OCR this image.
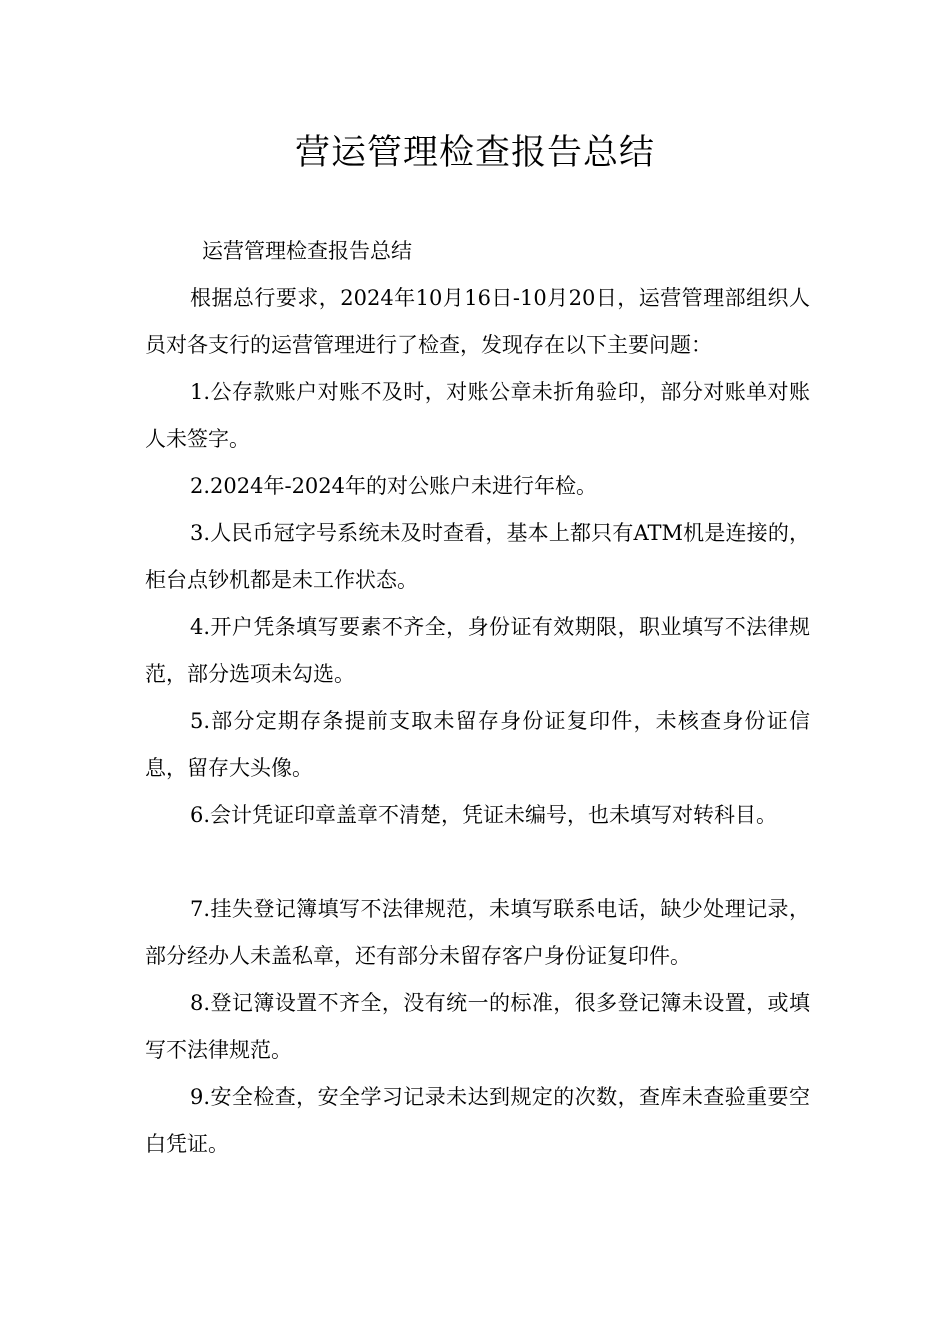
营运管理检查报告总结

运营管理检查报告总结

根据总行要求，2024年10月16日-10月20日，运营管理部组织人员对各支行的运营管理进行了检查，发现存在以下主要问题：

1.公存款账户对账不及时，对账公章未折角验印，部分对账单对账人未签字。

2.2024年-2024年的对公账户未进行年检。

3.人民币冠字号系统未及时查看，基本上都只有ATM机是连接的，柜台点钞机都是未工作状态。

4.开户凭条填写要素不齐全，身份证有效期限，职业填写不法律规范，部分选项未勾选。

5.部分定期存条提前支取未留存身份证复印件，未核查身份证信息，留存大头像。

6.会计凭证印章盖章不清楚，凭证未编号，也未填写对转科目。

7.挂失登记簿填写不法律规范，未填写联系电话，缺少处理记录，部分经办人未盖私章，还有部分未留存客户身份证复印件。

8.登记簿设置不齐全，没有统一的标准，很多登记簿未设置，或填写不法律规范。

9.安全检查，安全学习记录未达到规定的次数，查库未查验重要空白凭证。
